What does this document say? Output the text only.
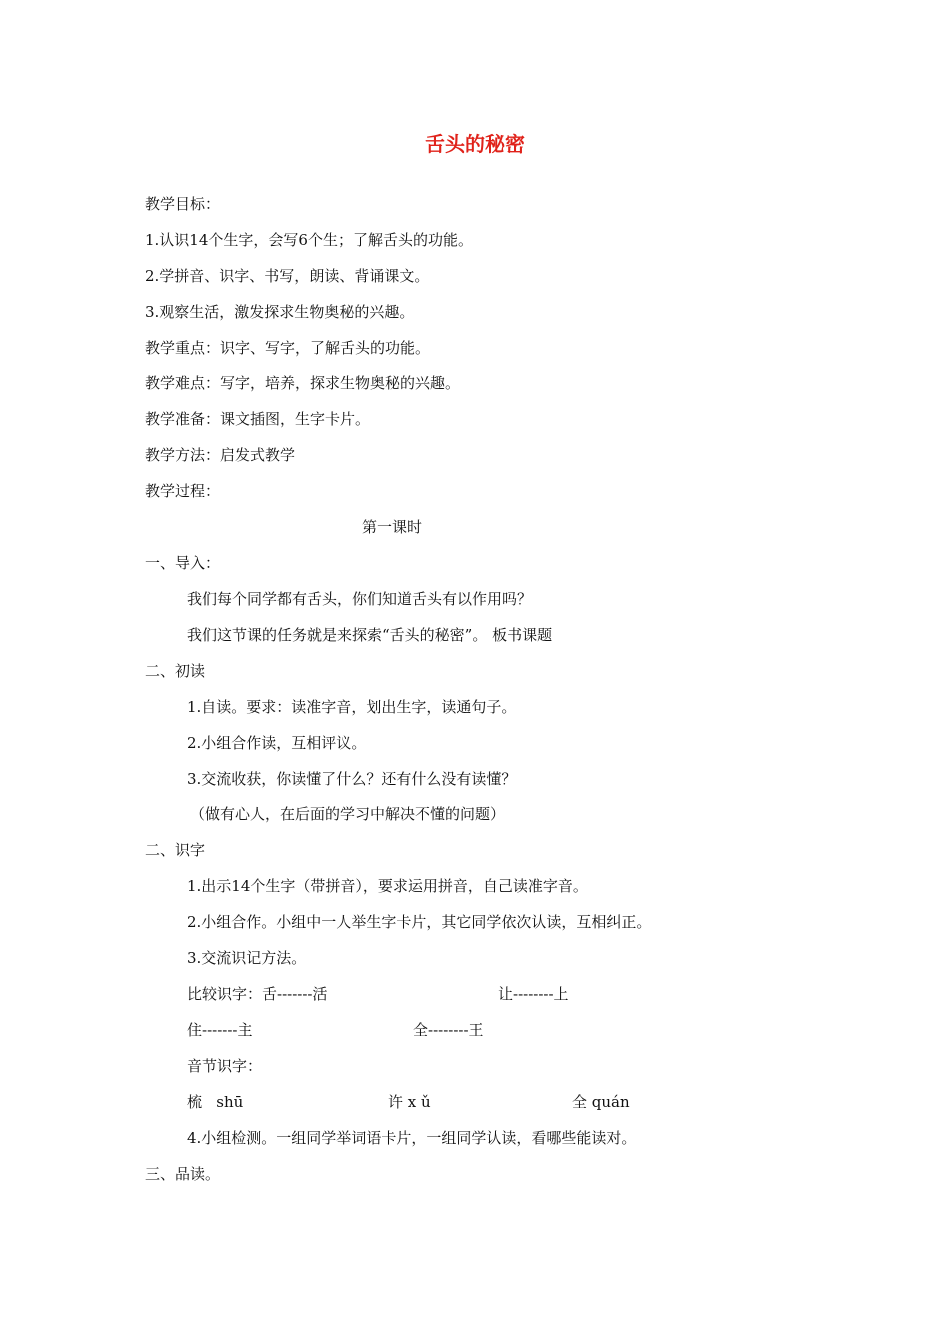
舌头的秘密
教学目标：
1.认识14个生字，会写6个生；了解舌头的功能。
2.学拼音、识字、书写，朗读、背诵课文。
3.观察生活，激发探求生物奥秘的兴趣。
教学重点：识字、写字，了解舌头的功能。
教学难点：写字，培养，探求生物奥秘的兴趣。
教学准备：课文插图，生字卡片。
教学方法：启发式教学
教学过程：
第一课时
一、导入：
我们每个同学都有舌头，你们知道舌头有以作用吗？
我们这节课的任务就是来探索“舌头的秘密”。 板书课题
二、初读
1.自读。要求：读准字音，划出生字，读通句子。
2.小组合作读，互相评议。
3.交流收获，你读懂了什么？还有什么没有读懂？
（做有心人，在后面的学习中解决不懂的问题）
二、识字
1.出示14个生字（带拼音），要求运用拼音，自己读准字音。
2.小组合作。小组中一人举生字卡片，其它同学依次认读，互相纠正。
3.交流识记方法。
比较识字：舌-------活	让--------上
住-------主	全--------王
音节识字：
梳   shū	许 x ǔ	全 quán
4.小组检测。一组同学举词语卡片，一组同学认读，看哪些能读对。
三、品读。
